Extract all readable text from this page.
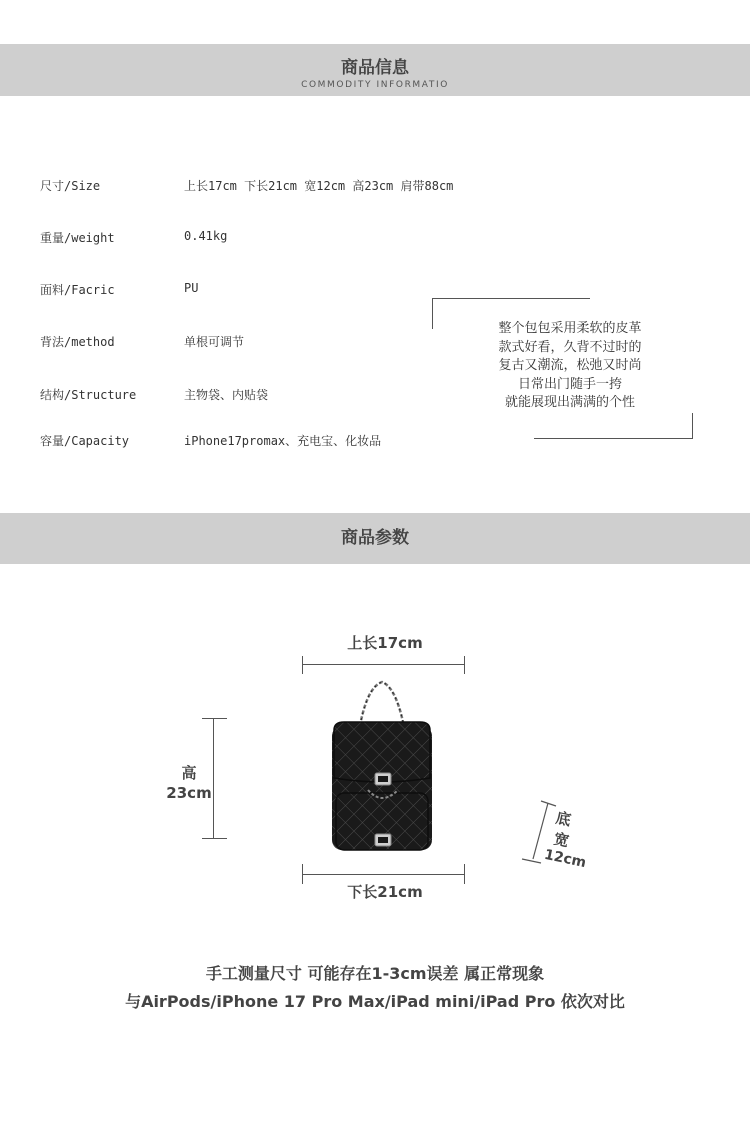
商品信息
COMMODITY INFORMATIO
尺寸/Size	上长17cm 下长21cm 宽12cm 高23cm 肩带88cm
重量/weight	0.41kg
面料/Facric	PU
背法/method	单根可调节
结构/Structure	主物袋、内贴袋
容量/Capacity	iPhone17promax、充电宝、化妆品
整个包包采用柔软的皮革
款式好看，久背不过时的
复古又潮流，松弛又时尚
日常出门随手一挎
就能展现出满满的个性
商品参数
上长17cm
高
23cm
下长21cm
底
宽
12cm
手工测量尺寸 可能存在1-3cm误差 属正常现象
与AirPods/iPhone 17 Pro Max/iPad mini/iPad Pro 依次对比
